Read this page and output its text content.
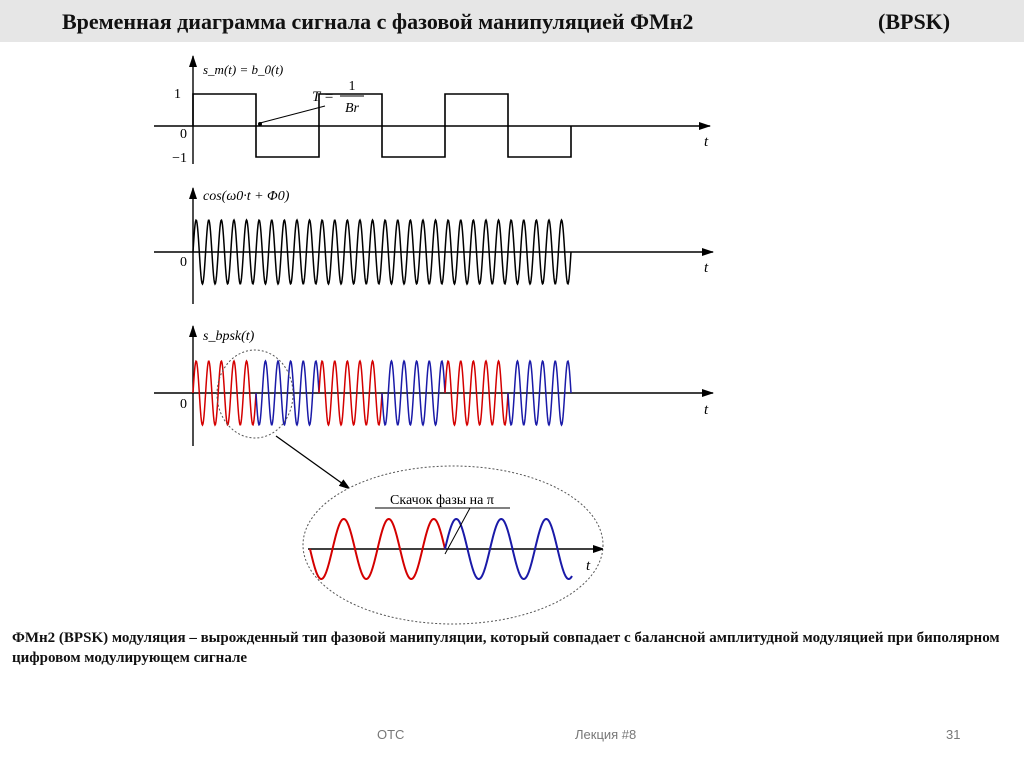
Временная диаграмма сигнала с фазовой манипуляцией ФМн2	(BPSK)
1
0
−1
s_m(t) = b_0(t)
t
T =
1
Br
cos(ω0·t + Φ0)
0	t
s_bpsk(t)
0	t
Скачок фазы на π
t
ФМн2 (BPSK) модуляция – вырожденный тип фазовой манипуляции, который совпадает с балансной амплитудной модуляцией при биполярном цифровом модулирующем сигнале
ОТС	Лекция #8	31
